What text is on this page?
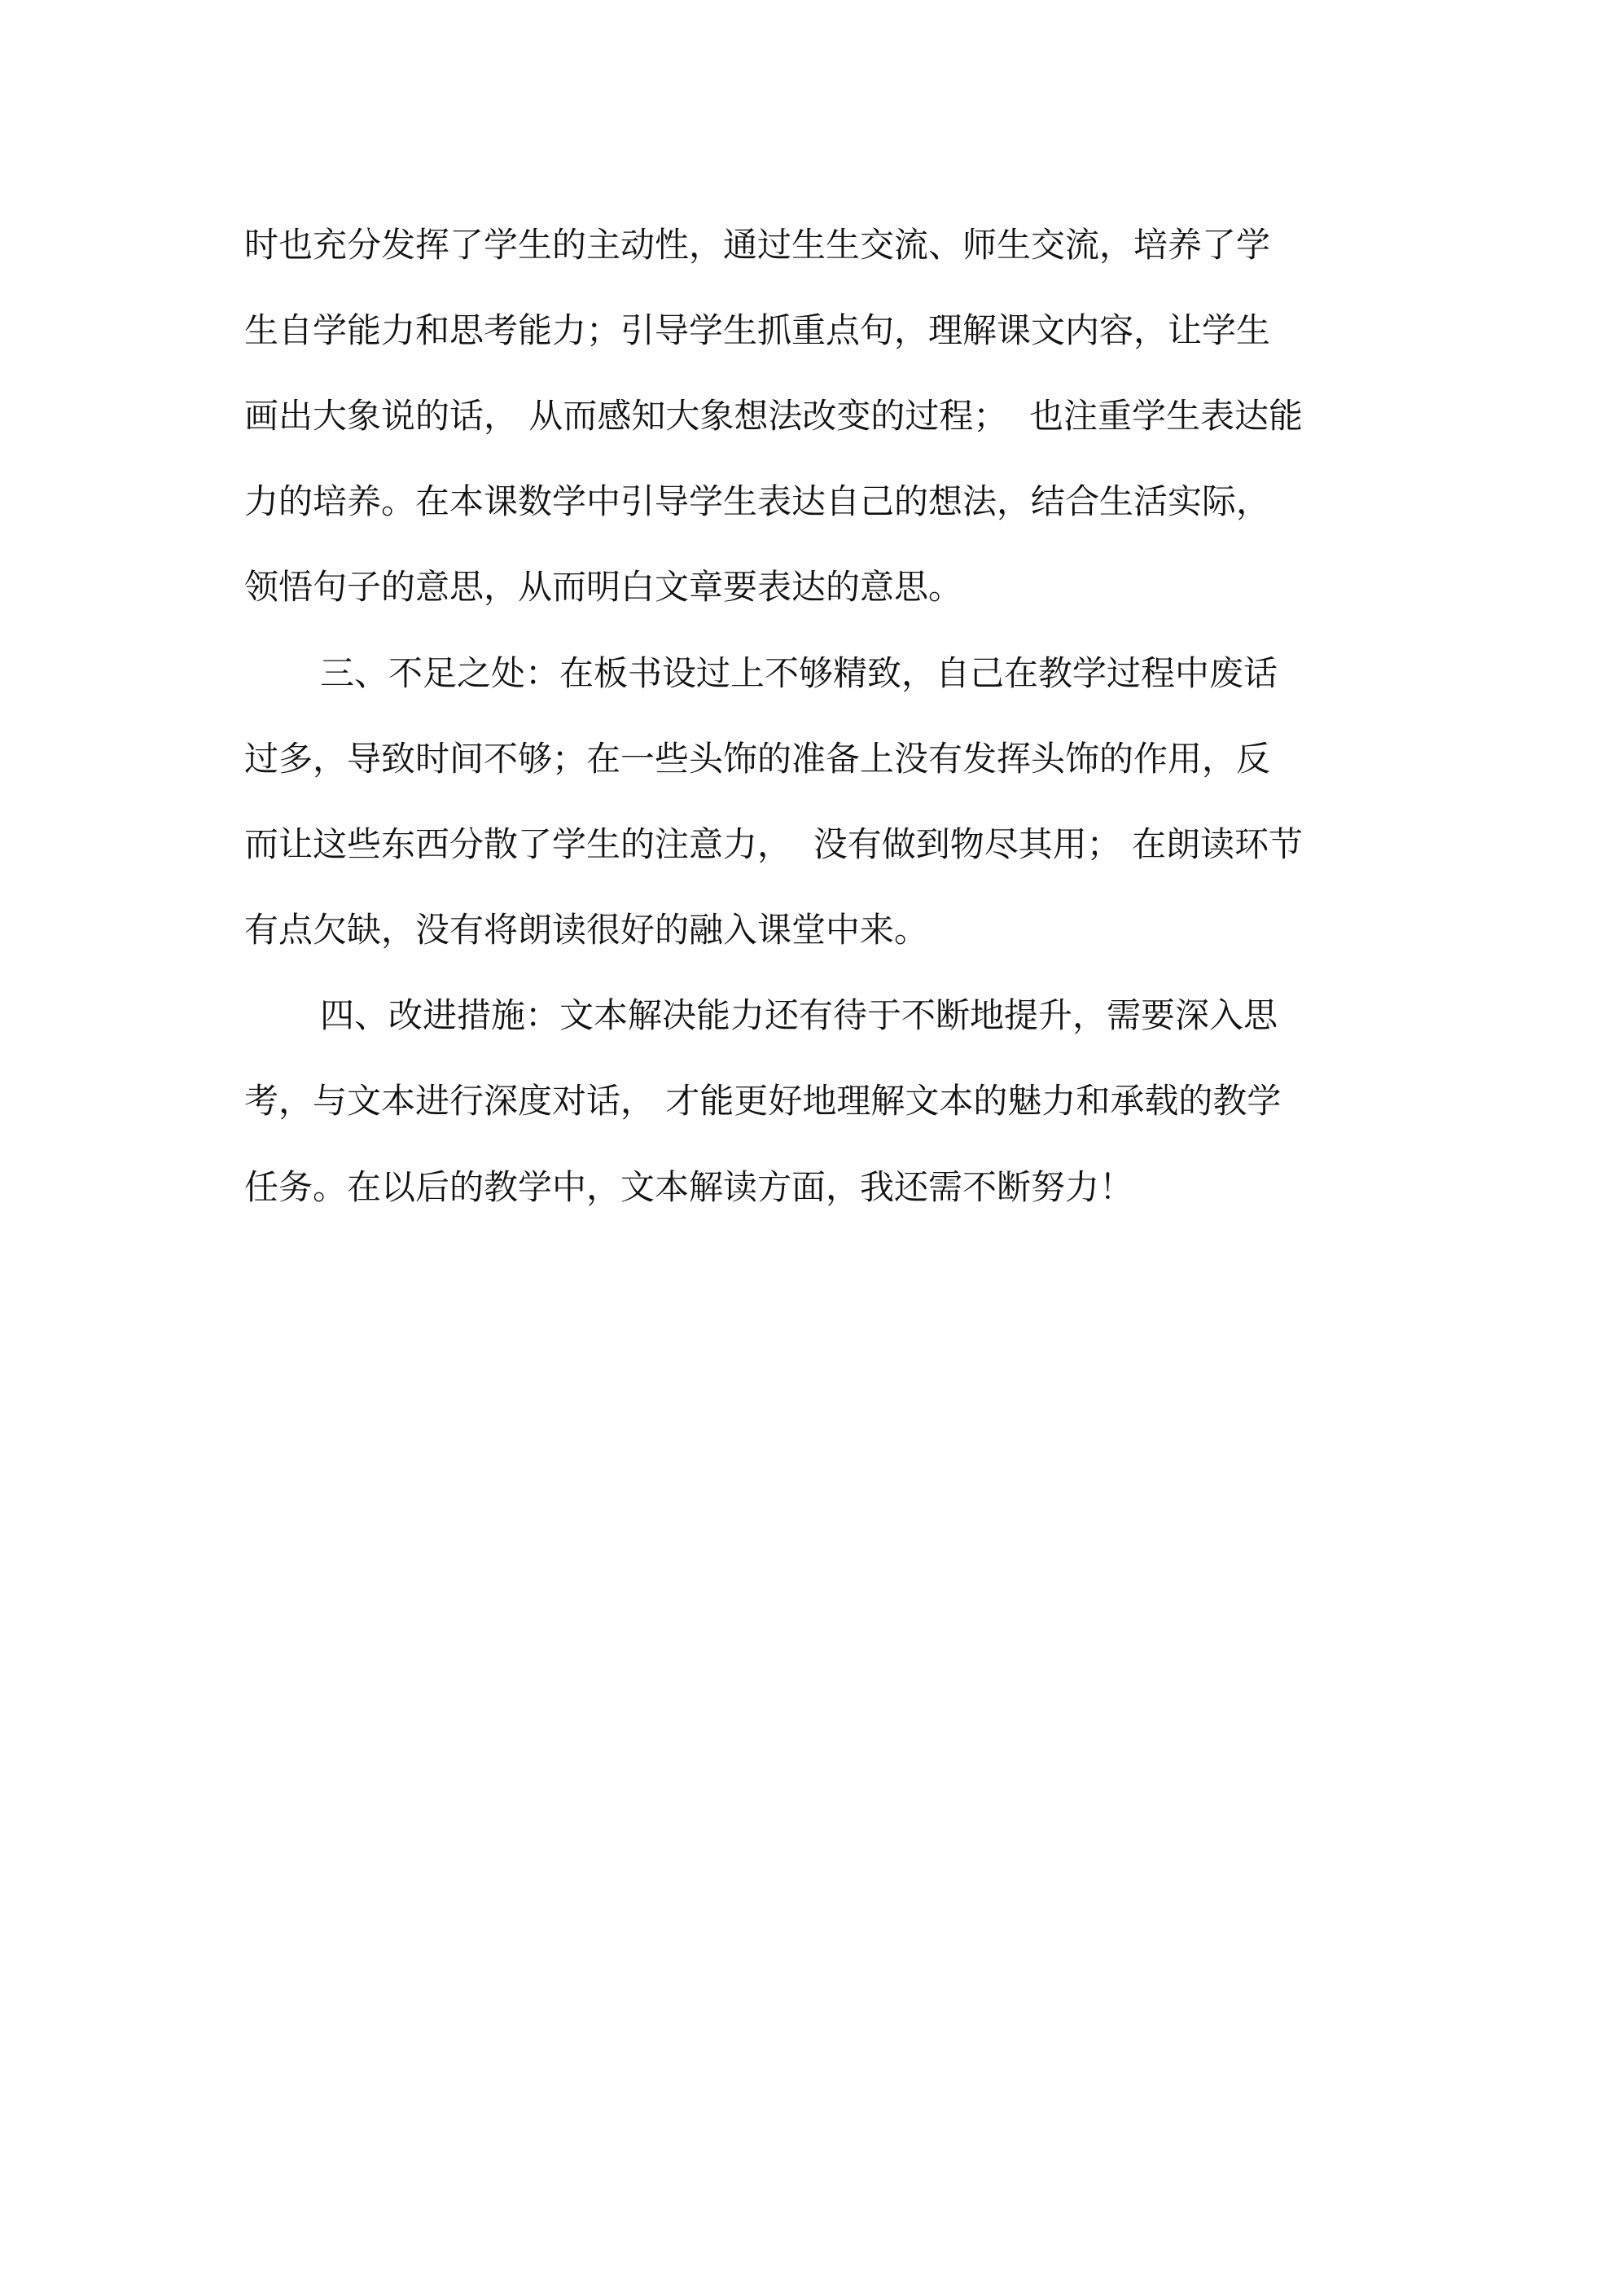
时也充分发挥了学生的主动性，通过生生交流、师生交流，培养了学
生自学能力和思考能力；引导学生抓重点句，理解课文内容，让学生
画出大象说的话， 从而感知大象想法改变的过程；  也注重学生表达能
力的培养。在本课数学中引导学生表达自己的想法，结合生活实际，
领悟句子的意思，从而明白文章要表达的意思。
三、不足之处：在板书设过上不够精致，自己在教学过程中废话
过多，导致时间不够；在一些头饰的准备上没有发挥头饰的作用，反
而让这些东西分散了学生的注意力，  没有做到物尽其用； 在朗读环节
有点欠缺，没有将朗读很好的融入课堂中来。
四、改进措施：文本解决能力还有待于不断地提升，需要深入思
考，与文本进行深度对话， 才能更好地理解文本的魅力和承载的教学
任务。在以后的教学中，文本解读方面，我还需不断努力！
